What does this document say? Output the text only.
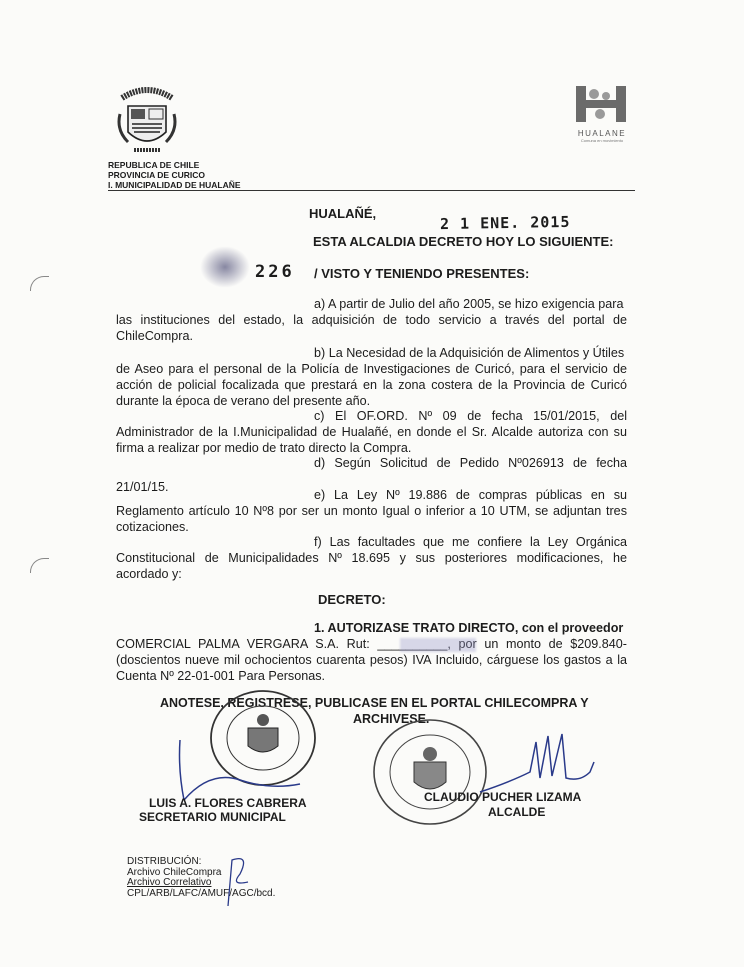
REPUBLICA DE CHILE
PROVINCIA DE CURICO
I. MUNICIPALIDAD DE HUALAÑE
HUALANE
Comuna en movimiento
HUALAÑÉ,	2 1 ENE. 2015
ESTA ALCALDIA DECRETO HOY LO SIGUIENTE:
226 / VISTO Y TENIENDO PRESENTES:
a) A partir de Julio del año 2005, se hizo exigencia para
las instituciones del estado, la adquisición de todo servicio a través del portal de
ChileCompra.
b) La Necesidad de la Adquisición de Alimentos y Útiles
de Aseo para el personal de la Policía de Investigaciones de Curicó, para el servicio de
acción de policial focalizada que prestará en la zona costera de la Provincia de Curicó
durante la época de verano del presente año.
c) El OF.ORD. Nº 09 de fecha 15/01/2015, del
Administrador de la I.Municipalidad de Hualañé, en donde el Sr. Alcalde autoriza con su
firma a realizar por medio de trato directo la Compra.
d) Según Solicitud de Pedido Nº026913 de fecha
21/01/15.
e) La Ley Nº 19.886 de compras públicas en su
Reglamento artículo 10 Nº8 por ser un monto Igual o inferior a 10 UTM, se adjuntan tres
cotizaciones.
f) Las facultades que me confiere la Ley Orgánica
Constitucional de Municipalidades Nº 18.695 y sus posteriores modificaciones, he
acordado y:
DECRETO:
1. AUTORIZASE TRATO DIRECTO, con el proveedor
COMERCIAL PALMA VERGARA S.A. Rut: __________, por un monto de $209.840-
(doscientos nueve mil ochocientos cuarenta pesos) IVA Incluido, cárguese los gastos a la
Cuenta Nº 22-01-001 Para Personas.
ANOTESE, REGISTRESE, PUBLICASE EN EL PORTAL CHILECOMPRA Y
ARCHIVESE.
LUIS A. FLORES CABRERA
SECRETARIO MUNICIPAL
CLAUDIO PUCHER LIZAMA
ALCALDE
DISTRIBUCIÓN:
Archivo ChileCompra
Archivo Correlativo
CPL/ARB/LAFC/AMUF/AGC/bcd.
